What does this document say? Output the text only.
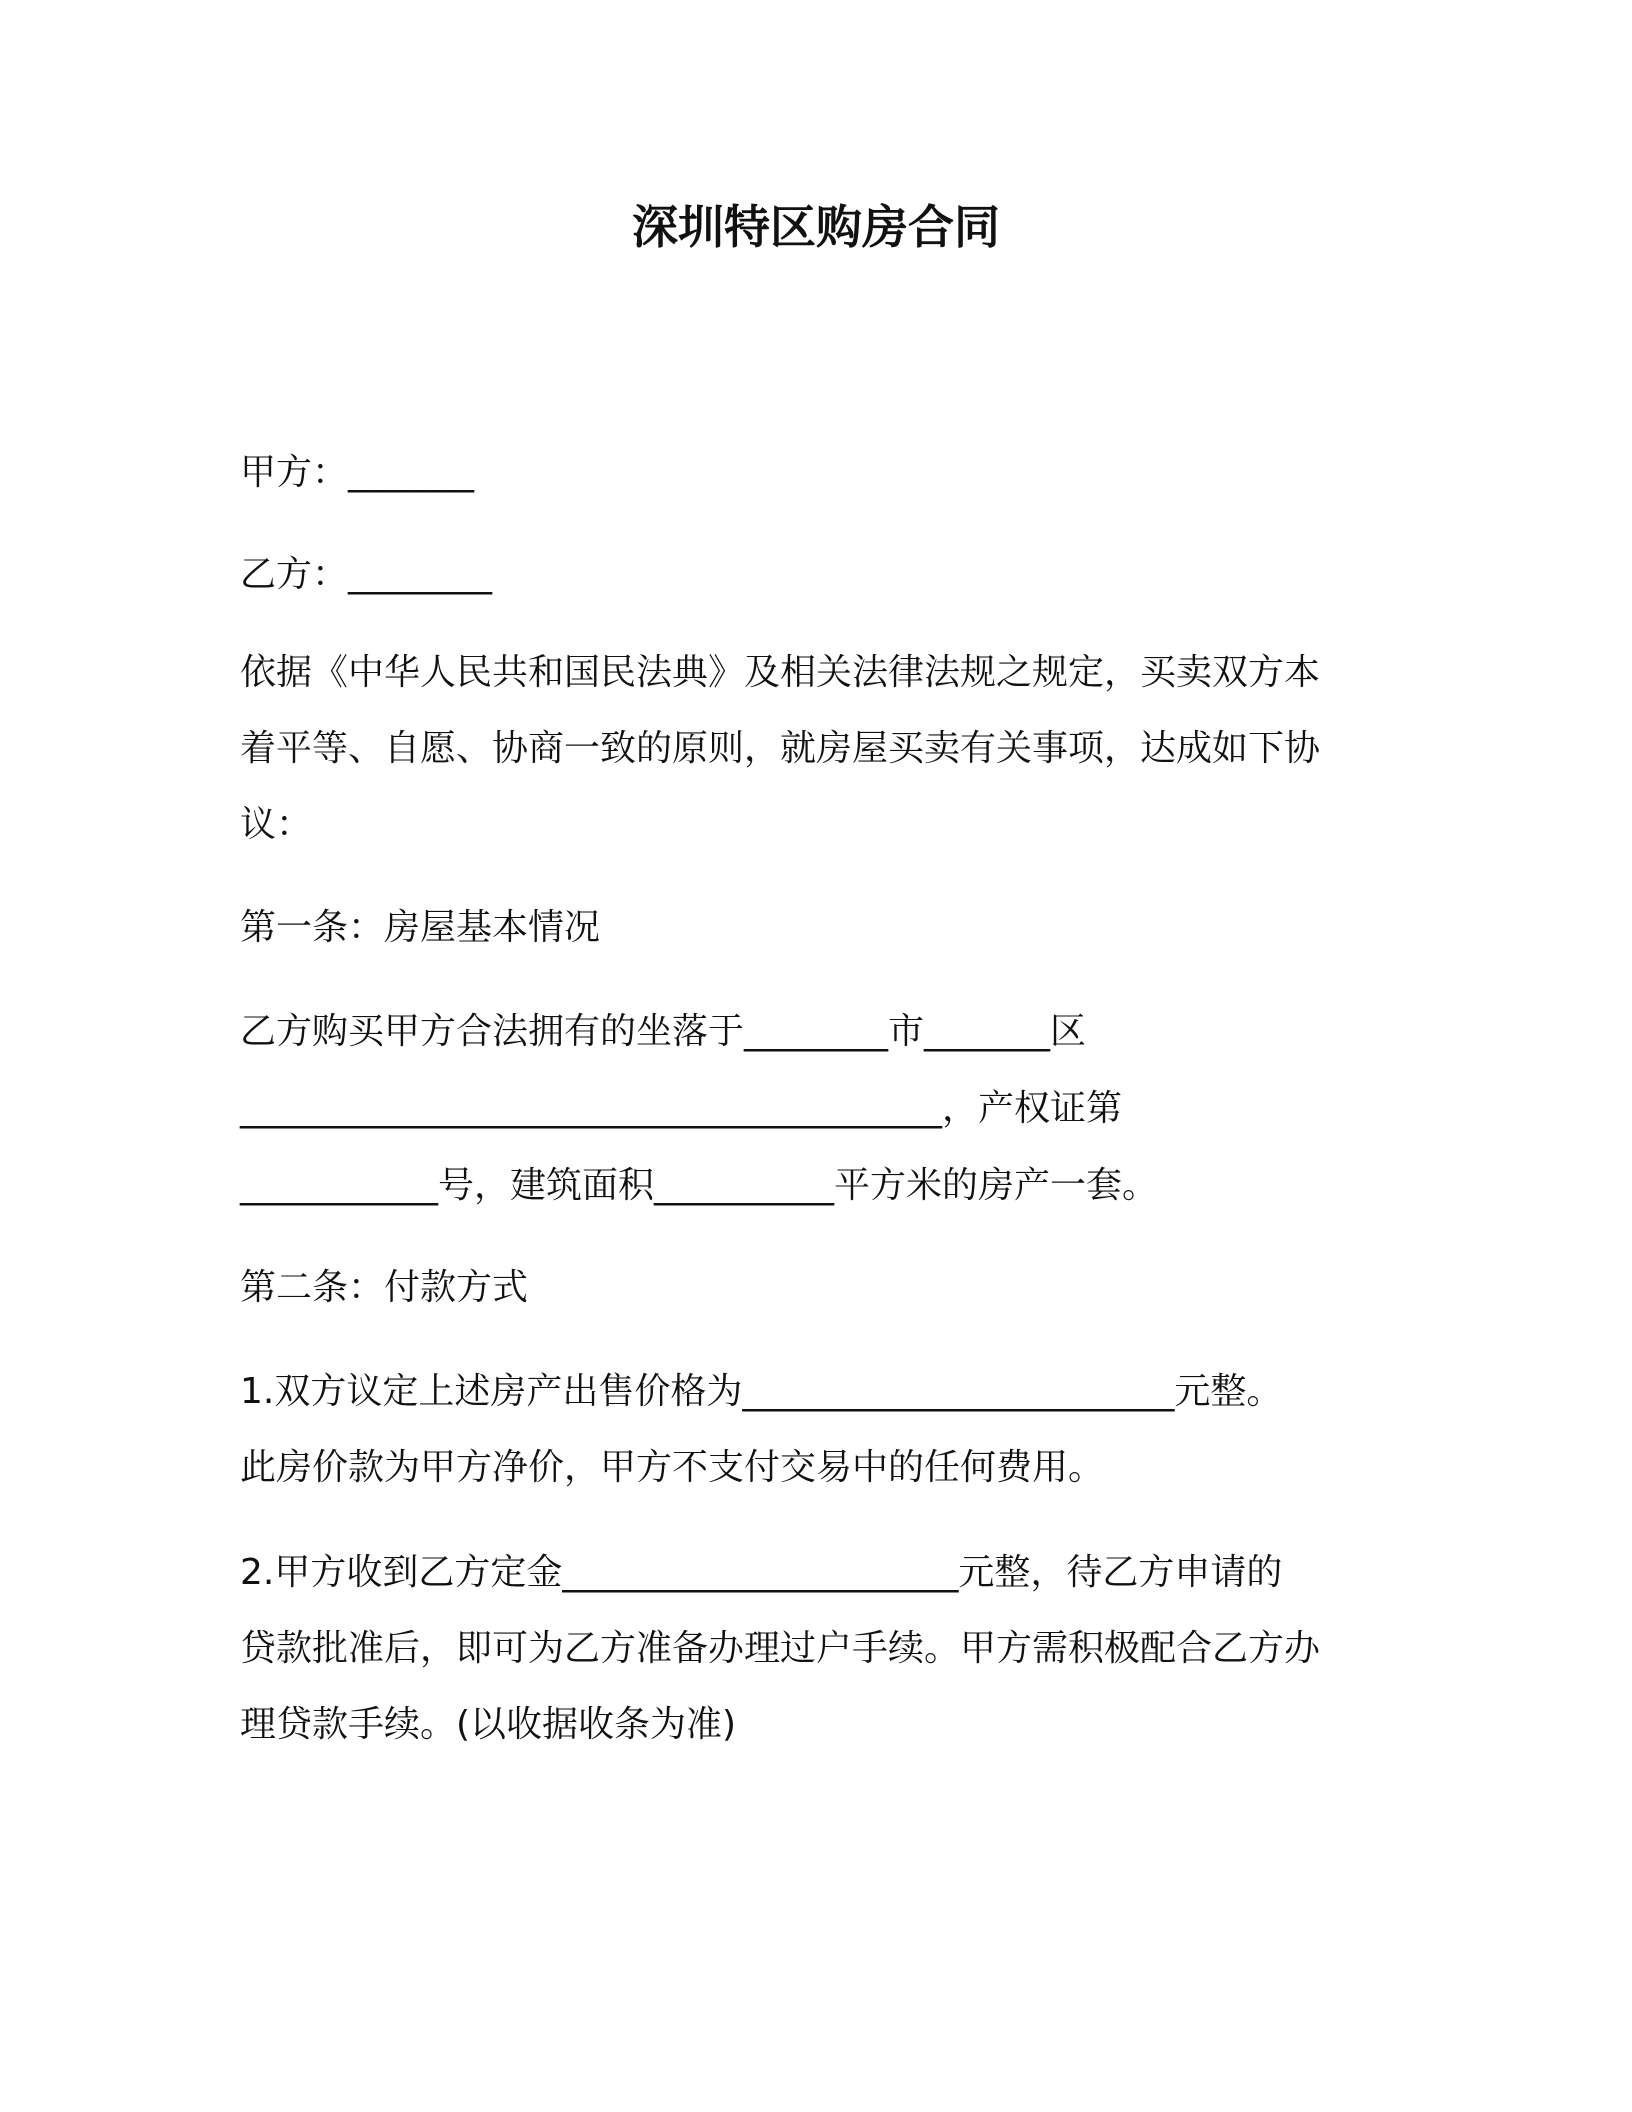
深圳特区购房合同
甲方：_______
乙方：________
依据《中华人民共和国民法典》及相关法律法规之规定，买卖双方本
着平等、自愿、协商一致的原则，就房屋买卖有关事项，达成如下协
议：
第一条：房屋基本情况
乙方购买甲方合法拥有的坐落于________市_______区
_______________________________________，产权证第
___________号，建筑面积__________平方米的房产一套。
第二条：付款方式
1.双方议定上述房产出售价格为________________________元整。
此房价款为甲方净价，甲方不支付交易中的任何费用。
2.甲方收到乙方定金______________________元整，待乙方申请的
贷款批准后，即可为乙方准备办理过户手续。甲方需积极配合乙方办
理贷款手续。(以收据收条为准)
